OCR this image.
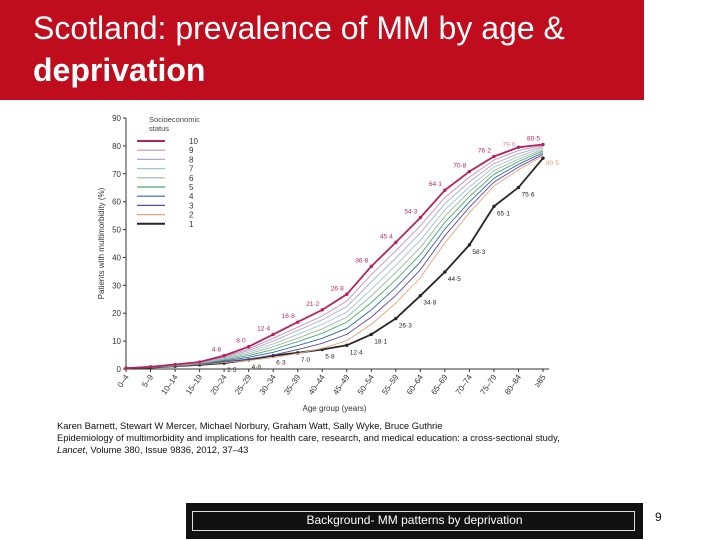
Scotland: prevalence of MM by age &
deprivation
0
10
20
30
40
50
60
70
80
90
0–4 5–9 10–14 15–19 20–24 25–29 30–34 35–39 40–44 45–49 50–54 55–59 60–64 65–69 70–74 75–79 80–84 ≥85
Age group (years)
Patients with multimorbidity (%)
4·8
8·0
12·4
16·8
21·2
26·8
36·8
45·4
54·3
64·1
70·8
76·2
80·5
79·6
80·5
2·5 4·8
6·3 7·0 5·8
12·4
18·1
26·3
34·8
44·5
58·3
65·1
75·6
Socioeconomic
status
10
9
8
7
6
5
4
3
2
1
Karen Barnett, Stewart W Mercer, Michael Norbury, Graham Watt, Sally Wyke, Bruce Guthrie
Epidemiology of multimorbidity and implications for health care, research, and medical education: a cross-sectional study,
Lancet, Volume 380, Issue 9836, 2012, 37–43
Background- MM patterns by deprivation	9
